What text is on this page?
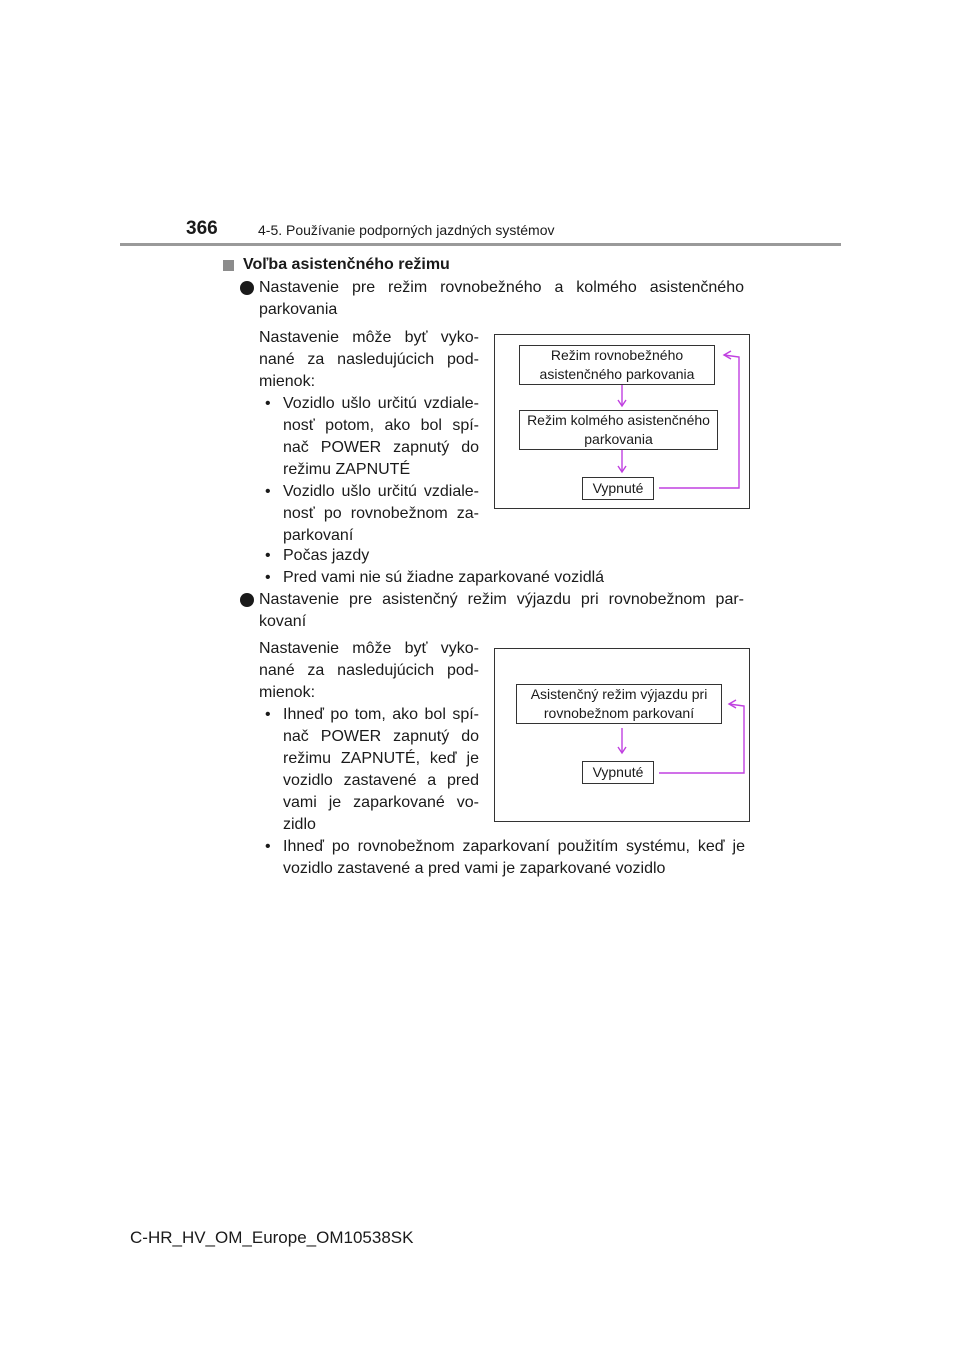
366	4-5. Používanie podporných jazdných systémov
Voľba asistenčného režimu
Nastavenie pre režim rovnobežného a kolmého asistenčného parkovania
Nastavenie môže byť vyko-nané za nasledujúcich pod-mienok:
• Vozidlo ušlo určitú vzdiale-nosť potom, ako bol spí-nač POWER zapnutý do režimu ZAPNUTÉ
• Vozidlo ušlo určitú vzdiale-nosť po rovnobežnom za-parkovaní
• Počas jazdy
• Pred vami nie sú žiadne zaparkované vozidlá
Režim rovnobežného asistenčného parkovania
Režim kolmého asistenčného parkovania
Vypnuté
Nastavenie pre asistenčný režim výjazdu pri rovnobežnom par-kovaní
Nastavenie môže byť vyko-nané za nasledujúcich pod-mienok:
• Ihneď po tom, ako bol spí-nač POWER zapnutý do režimu ZAPNUTÉ, keď je vozidlo zastavené a pred vami je zaparkované vo-zidlo
• Ihneď po rovnobežnom zaparkovaní použitím systému, keď je vozidlo zastavené a pred vami je zaparkované vozidlo
Asistenčný režim výjazdu pri rovnobežnom parkovaní
Vypnuté
C-HR_HV_OM_Europe_OM10538SK
